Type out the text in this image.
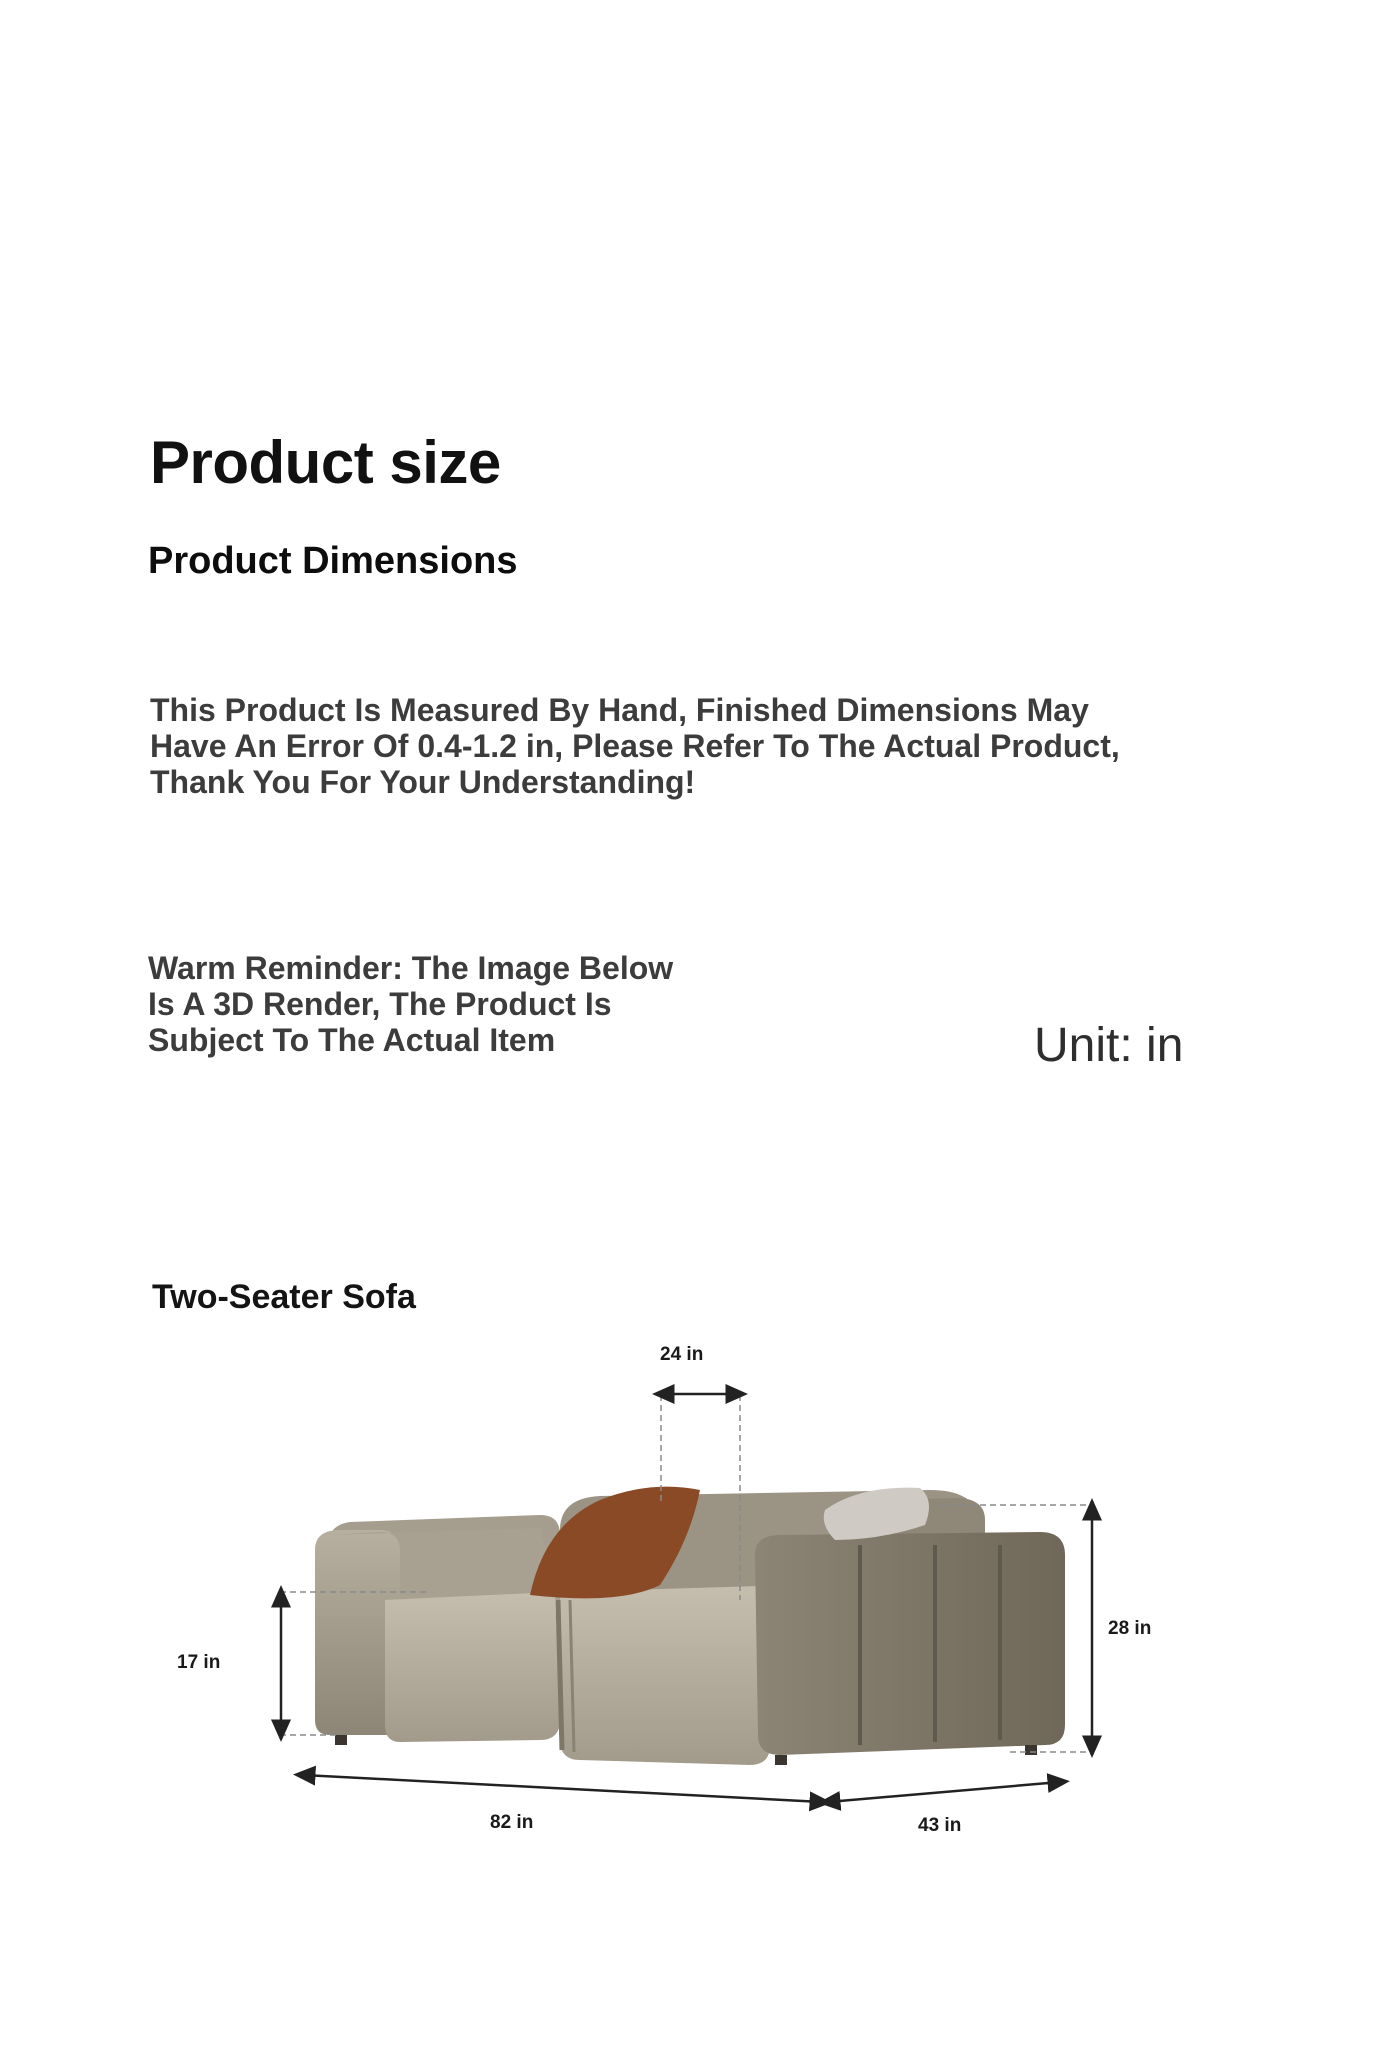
Product size
Product Dimensions
This Product Is Measured By Hand, Finished Dimensions May
Have An Error Of 0.4-1.2 in, Please Refer To The Actual Product,
Thank You For Your Understanding!
Warm Reminder: The Image Below
Is A 3D Render, The Product Is
Subject To The Actual Item	Unit: in
Two-Seater Sofa
24 in
28 in
17 in
82 in	43 in
